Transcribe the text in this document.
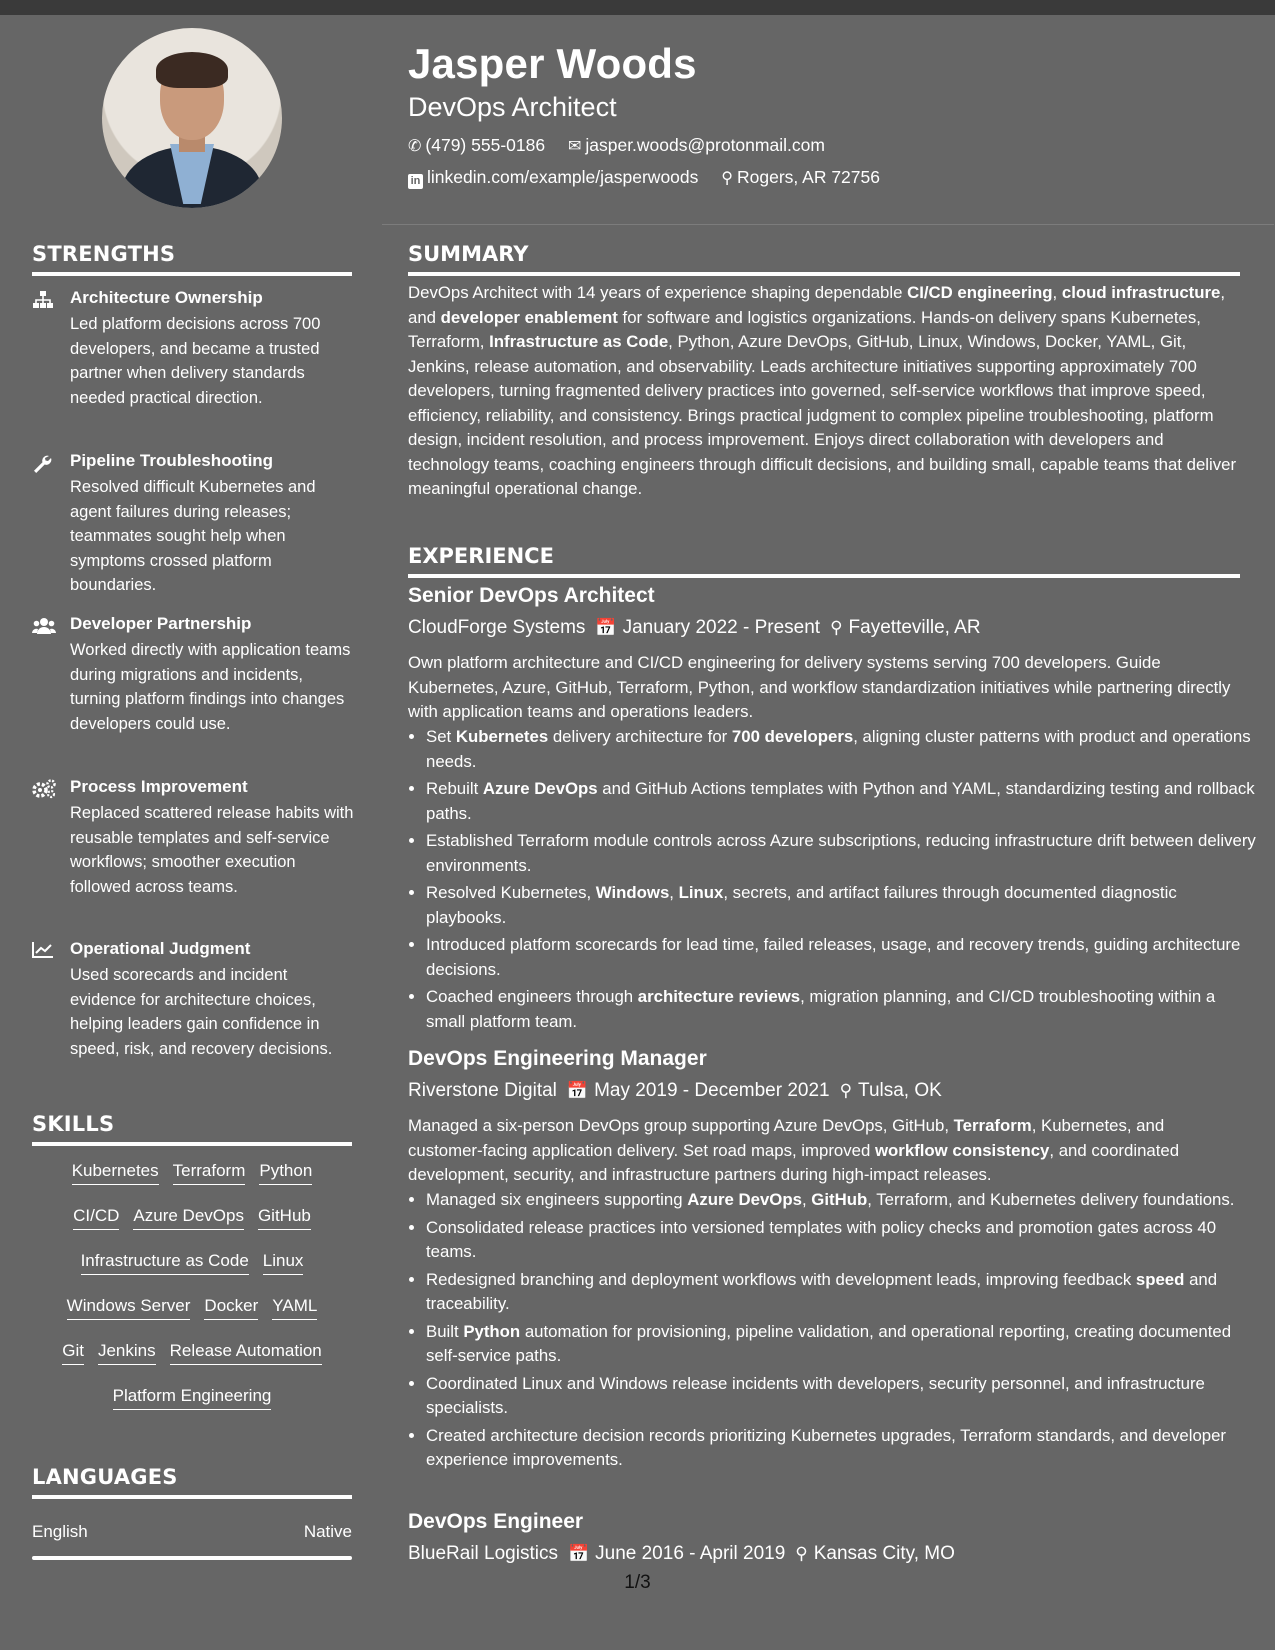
STRENGTHS
Architecture Ownership
Led platform decisions across 700 developers, and became a trusted partner when delivery standards needed practical direction.
Pipeline Troubleshooting
Resolved difficult Kubernetes and agent failures during releases; teammates sought help when symptoms crossed platform boundaries.
Developer Partnership
Worked directly with application teams during migrations and incidents, turning platform findings into changes developers could use.
Process Improvement
Replaced scattered release habits with reusable templates and self-service workflows; smoother execution followed across teams.
Operational Judgment
Used scorecards and incident evidence for architecture choices, helping leaders gain confidence in speed, risk, and recovery decisions.
SKILLS
Kubernetes Terraform Python
CI/CD Azure DevOps GitHub
Infrastructure as Code Linux
Windows Server Docker YAML
Git Jenkins Release Automation
Platform Engineering
LANGUAGES
English	Native
Jasper Woods
DevOps Architect
✆ (479) 555-0186 ✉ jasper.woods@protonmail.com
in linkedin.com/example/jasperwoods ⚲ Rogers, AR 72756
SUMMARY
DevOps Architect with 14 years of experience shaping dependable CI/CD engineering, cloud infrastructure, and developer enablement for software and logistics organizations. Hands-on delivery spans Kubernetes, Terraform, Infrastructure as Code, Python, Azure DevOps, GitHub, Linux, Windows, Docker, YAML, Git, Jenkins, release automation, and observability. Leads architecture initiatives supporting approximately 700 developers, turning fragmented delivery practices into governed, self-service workflows that improve speed, efficiency, reliability, and consistency. Brings practical judgment to complex pipeline troubleshooting, platform design, incident resolution, and process improvement. Enjoys direct collaboration with developers and technology teams, coaching engineers through difficult decisions, and building small, capable teams that deliver meaningful operational change.
EXPERIENCE
Senior DevOps Architect
CloudForge Systems 📅 January 2022 - Present ⚲ Fayetteville, AR
Own platform architecture and CI/CD engineering for delivery systems serving 700 developers. Guide Kubernetes, Azure, GitHub, Terraform, Python, and workflow standardization initiatives while partnering directly with application teams and operations leaders.
• Set Kubernetes delivery architecture for 700 developers, aligning cluster patterns with product and operations needs.
• Rebuilt Azure DevOps and GitHub Actions templates with Python and YAML, standardizing testing and rollback paths.
• Established Terraform module controls across Azure subscriptions, reducing infrastructure drift between delivery environments.
• Resolved Kubernetes, Windows, Linux, secrets, and artifact failures through documented diagnostic playbooks.
• Introduced platform scorecards for lead time, failed releases, usage, and recovery trends, guiding architecture decisions.
• Coached engineers through architecture reviews, migration planning, and CI/CD troubleshooting within a small platform team.
DevOps Engineering Manager
Riverstone Digital 📅 May 2019 - December 2021 ⚲ Tulsa, OK
Managed a six-person DevOps group supporting Azure DevOps, GitHub, Terraform, Kubernetes, and customer-facing application delivery. Set road maps, improved workflow consistency, and coordinated development, security, and infrastructure partners during high-impact releases.
• Managed six engineers supporting Azure DevOps, GitHub, Terraform, and Kubernetes delivery foundations.
• Consolidated release practices into versioned templates with policy checks and promotion gates across 40 teams.
• Redesigned branching and deployment workflows with development leads, improving feedback speed and traceability.
• Built Python automation for provisioning, pipeline validation, and operational reporting, creating documented self-service paths.
• Coordinated Linux and Windows release incidents with developers, security personnel, and infrastructure specialists.
• Created architecture decision records prioritizing Kubernetes upgrades, Terraform standards, and developer experience improvements.
DevOps Engineer
BlueRail Logistics 📅 June 2016 - April 2019 ⚲ Kansas City, MO
1/3
